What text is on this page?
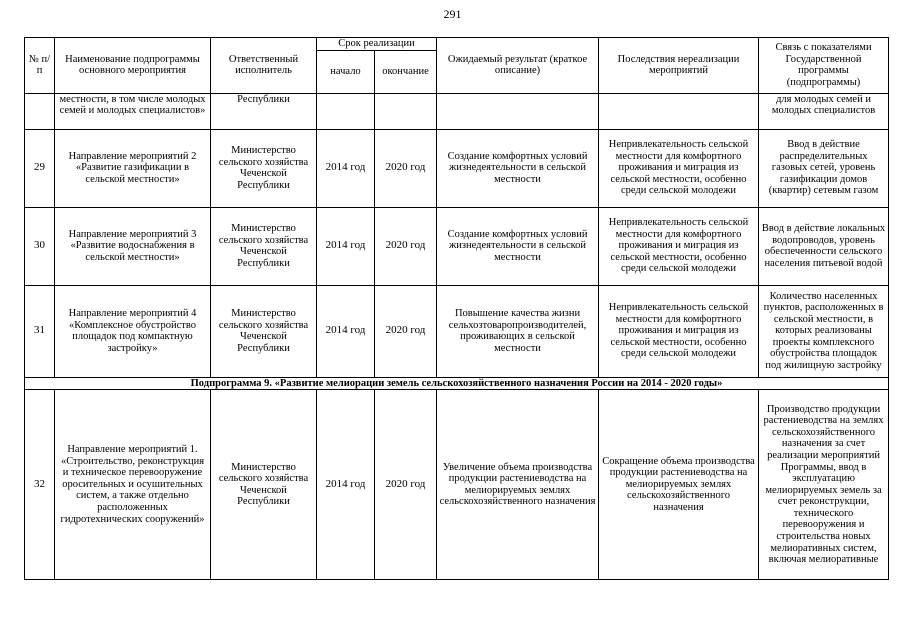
291
№ п/п	Наименование подпрограммы основного мероприятия	Ответственный исполнитель	Срок реализации		Ожидаемый результат (краткое описание)	Последствия нереализации мероприятий	Связь с показателями Государственной программы (подпрограммы)
			начало	окончание			
	местности, в том числе молодых семей и молодых специалистов»	Республики					для молодых семей и молодых специалистов
29	Направление мероприятий 2 «Развитие газификации в сельской местности»	Министерство сельского хозяйства Чеченской Республики	2014 год	2020 год	Создание комфортных условий жизнедеятельности в сельской местности	Непривлекательность сельской местности для комфортного проживания и миграция из сельской местности, особенно среди сельской молодежи	Ввод в действие распределительных газовых сетей, уровень газификации домов (квартир) сетевым газом
30	Направление мероприятий 3 «Развитие водоснабжения в сельской местности»	Министерство сельского хозяйства Чеченской Республики	2014 год	2020 год	Создание комфортных условий жизнедеятельности в сельской местности	Непривлекательность сельской местности для комфортного проживания и миграция из сельской местности, особенно среди сельской молодежи	Ввод в действие локальных водопроводов, уровень обеспеченности сельского населения питьевой водой
31	Направление мероприятий 4 «Комплексное обустройство площадок под компактную застройку»	Министерство сельского хозяйства Чеченской Республики	2014 год	2020 год	Повышение качества жизни сельхозтоваропроизводителей, проживающих в сельской местности	Непривлекательность сельской местности для комфортного проживания и миграция из сельской местности, особенно среди сельской молодежи	Количество населенных пунктов, расположенных в сельской местности, в которых реализованы проекты комплексного обустройства площадок под жилищную застройку
Подпрограмма 9. «Развитие мелиорации земель сельскохозяйственного назначения России на 2014 - 2020 годы»							
32	Направление мероприятий 1. «Строительство, реконструкция и техническое перевооружение оросительных и осушительных систем, а также отдельно расположенных гидротехнических сооружений»	Министерство сельского хозяйства Чеченской Республики	2014 год	2020 год	Увеличение объема производства продукции растениеводства на мелиорируемых землях сельскохозяйственного назначения	Сокращение объема производства продукции растениеводства на мелиорируемых землях сельскохозяйственного назначения	Производство продукции растениеводства на землях сельскохозяйственного назначения за счет реализации мероприятий Программы, ввод в эксплуатацию мелиорируемых земель за счет реконструкции, технического перевооружения и строительства новых мелиоративных систем, включая мелиоративные
